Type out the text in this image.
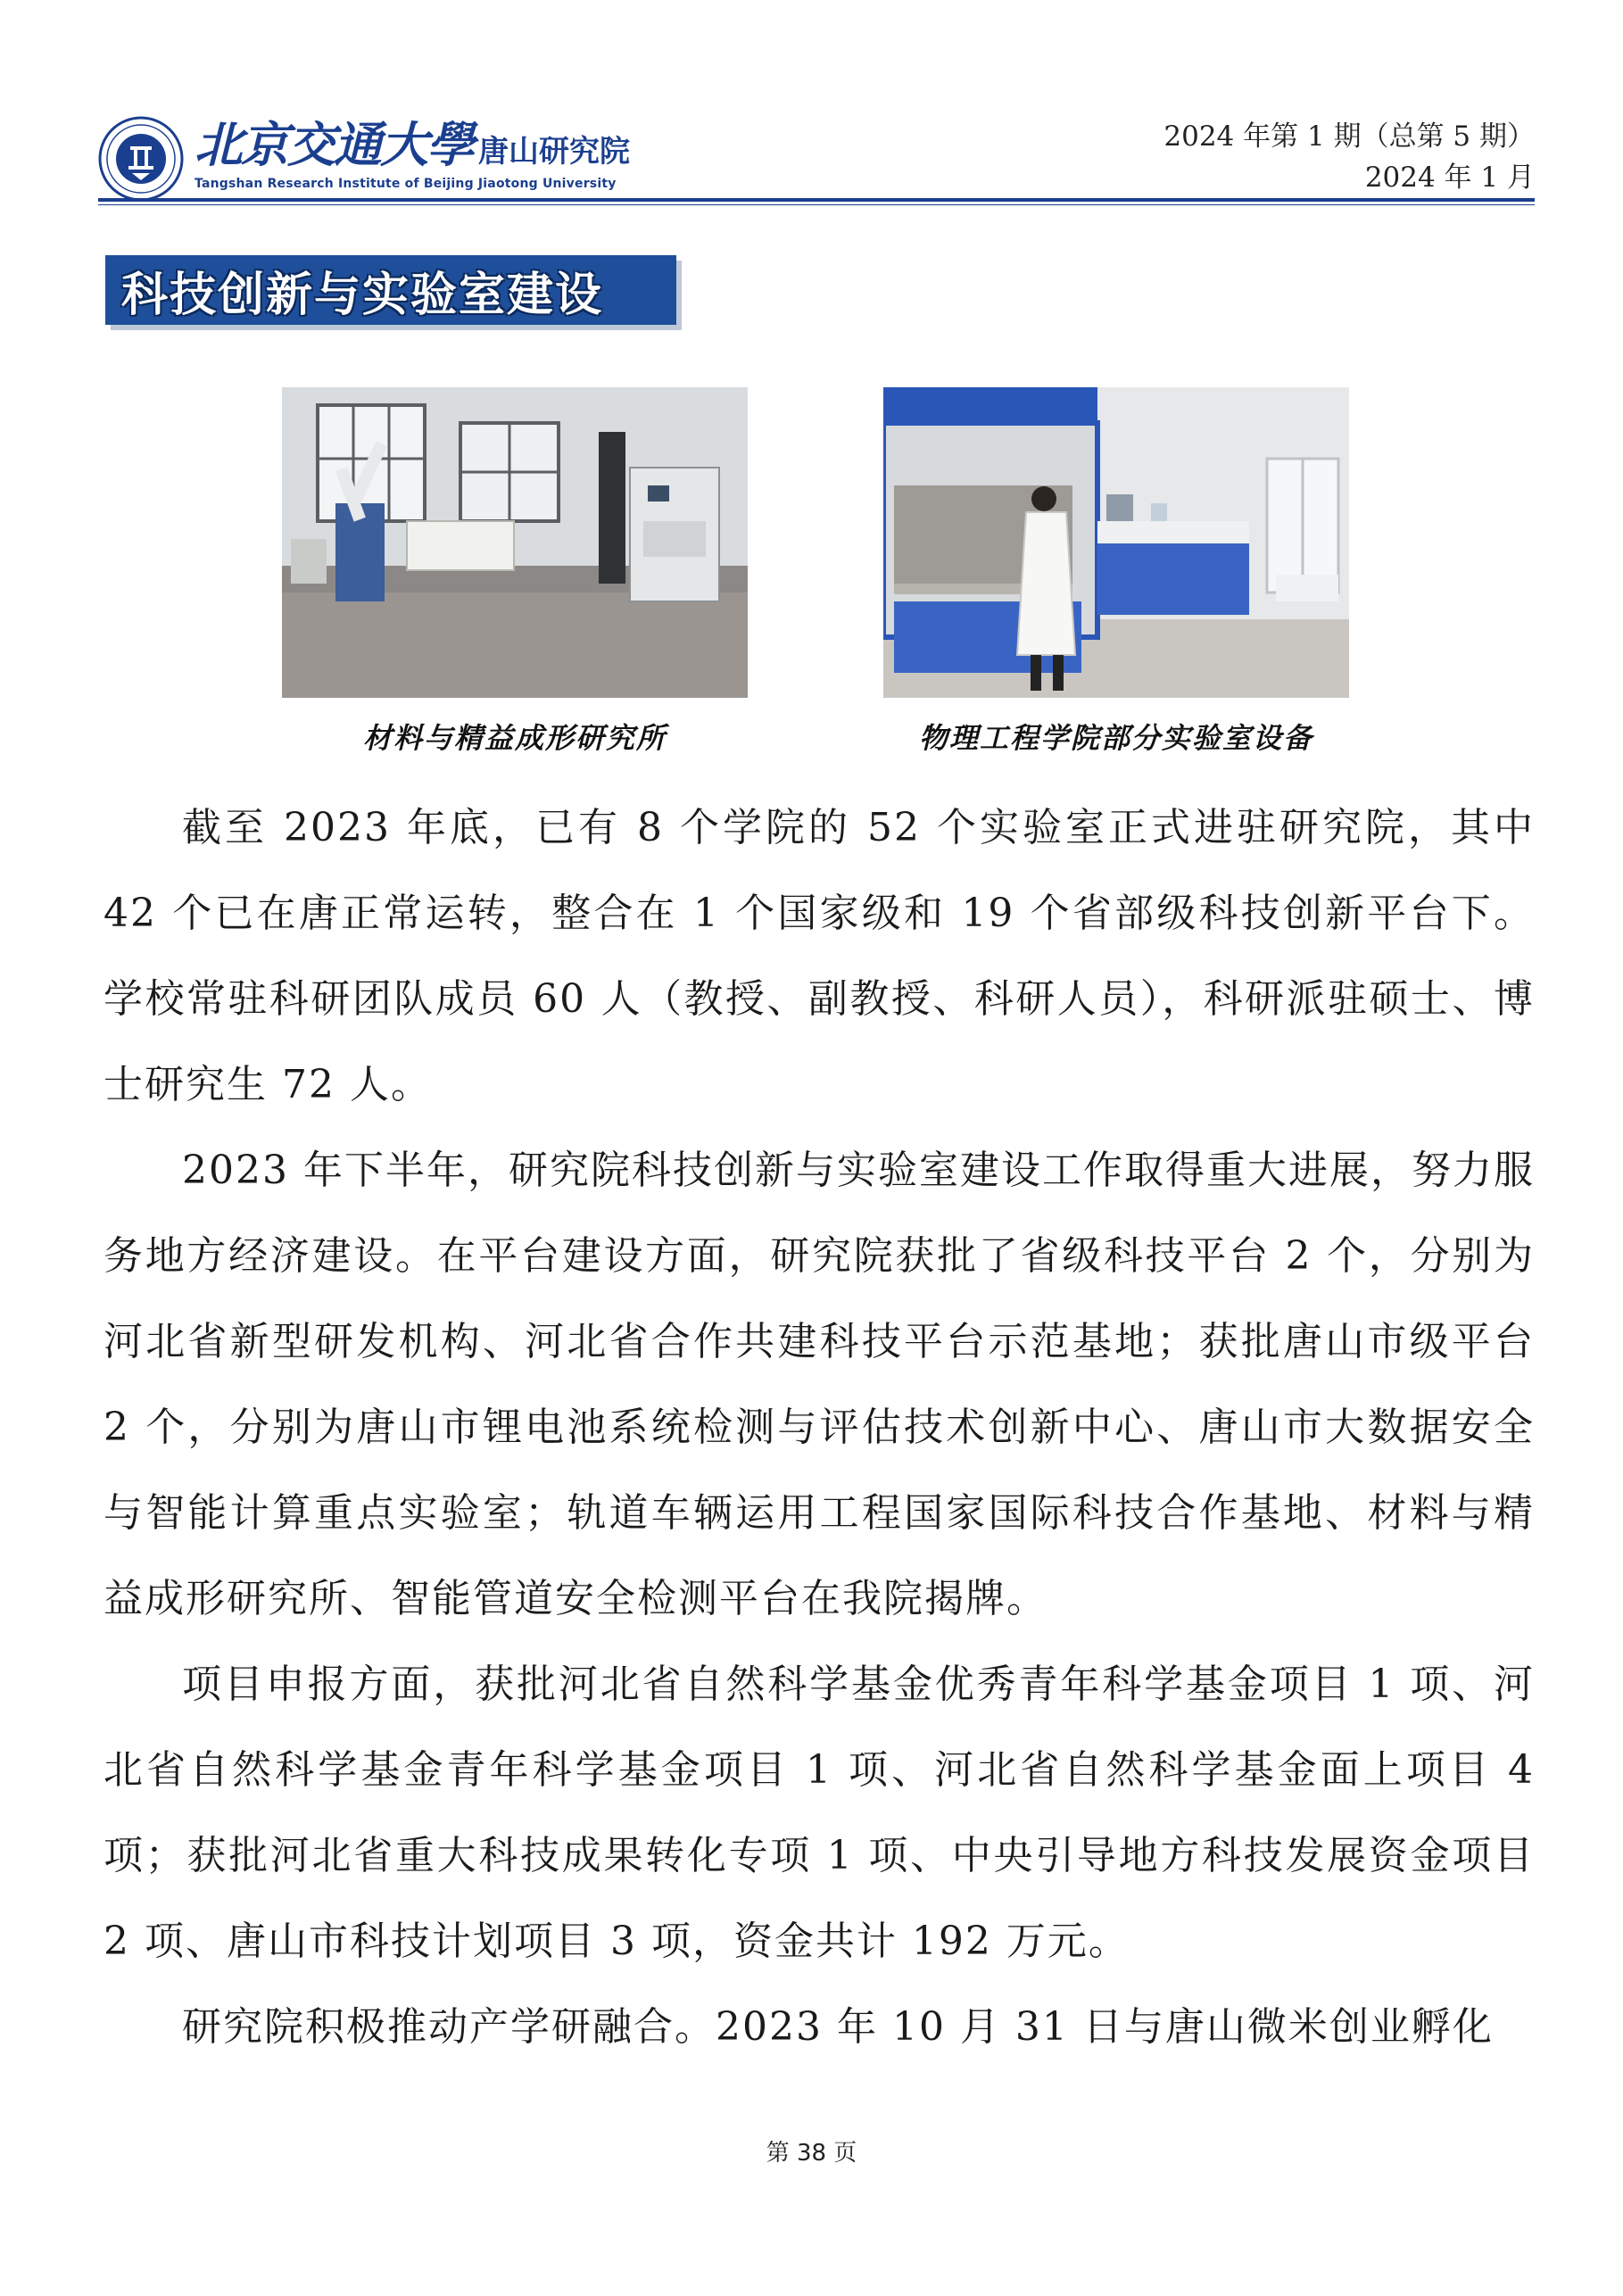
北京交通大學 唐山研究院
Tangshan Research Institute of Beijing Jiaotong University
2024 年第 1 期（总第 5 期）
2024 年 1 月
科技创新与实验室建设
材料与精益成形研究所	物理工程学院部分实验室设备

截至 2023 年底，已有 8 个学院的 52 个实验室正式进驻研究院，其中 42 个已在唐正常运转，整合在 1 个国家级和 19 个省部级科技创新平台下。学校常驻科研团队成员 60 人（教授、副教授、科研人员），科研派驻硕士、博士研究生 72 人。

2023 年下半年，研究院科技创新与实验室建设工作取得重大进展，努力服务地方经济建设。在平台建设方面，研究院获批了省级科技平台 2 个，分别为河北省新型研发机构、河北省合作共建科技平台示范基地；获批唐山市级平台 2 个，分别为唐山市锂电池系统检测与评估技术创新中心、唐山市大数据安全与智能计算重点实验室；轨道车辆运用工程国家国际科技合作基地、材料与精益成形研究所、智能管道安全检测平台在我院揭牌。

项目申报方面，获批河北省自然科学基金优秀青年科学基金项目 1 项、河北省自然科学基金青年科学基金项目 1 项、河北省自然科学基金面上项目 4 项；获批河北省重大科技成果转化专项 1 项、中央引导地方科技发展资金项目 2 项、唐山市科技计划项目 3 项，资金共计 192 万元。

研究院积极推动产学研融合。2023 年 10 月 31 日与唐山微米创业孵化

第 38 页
